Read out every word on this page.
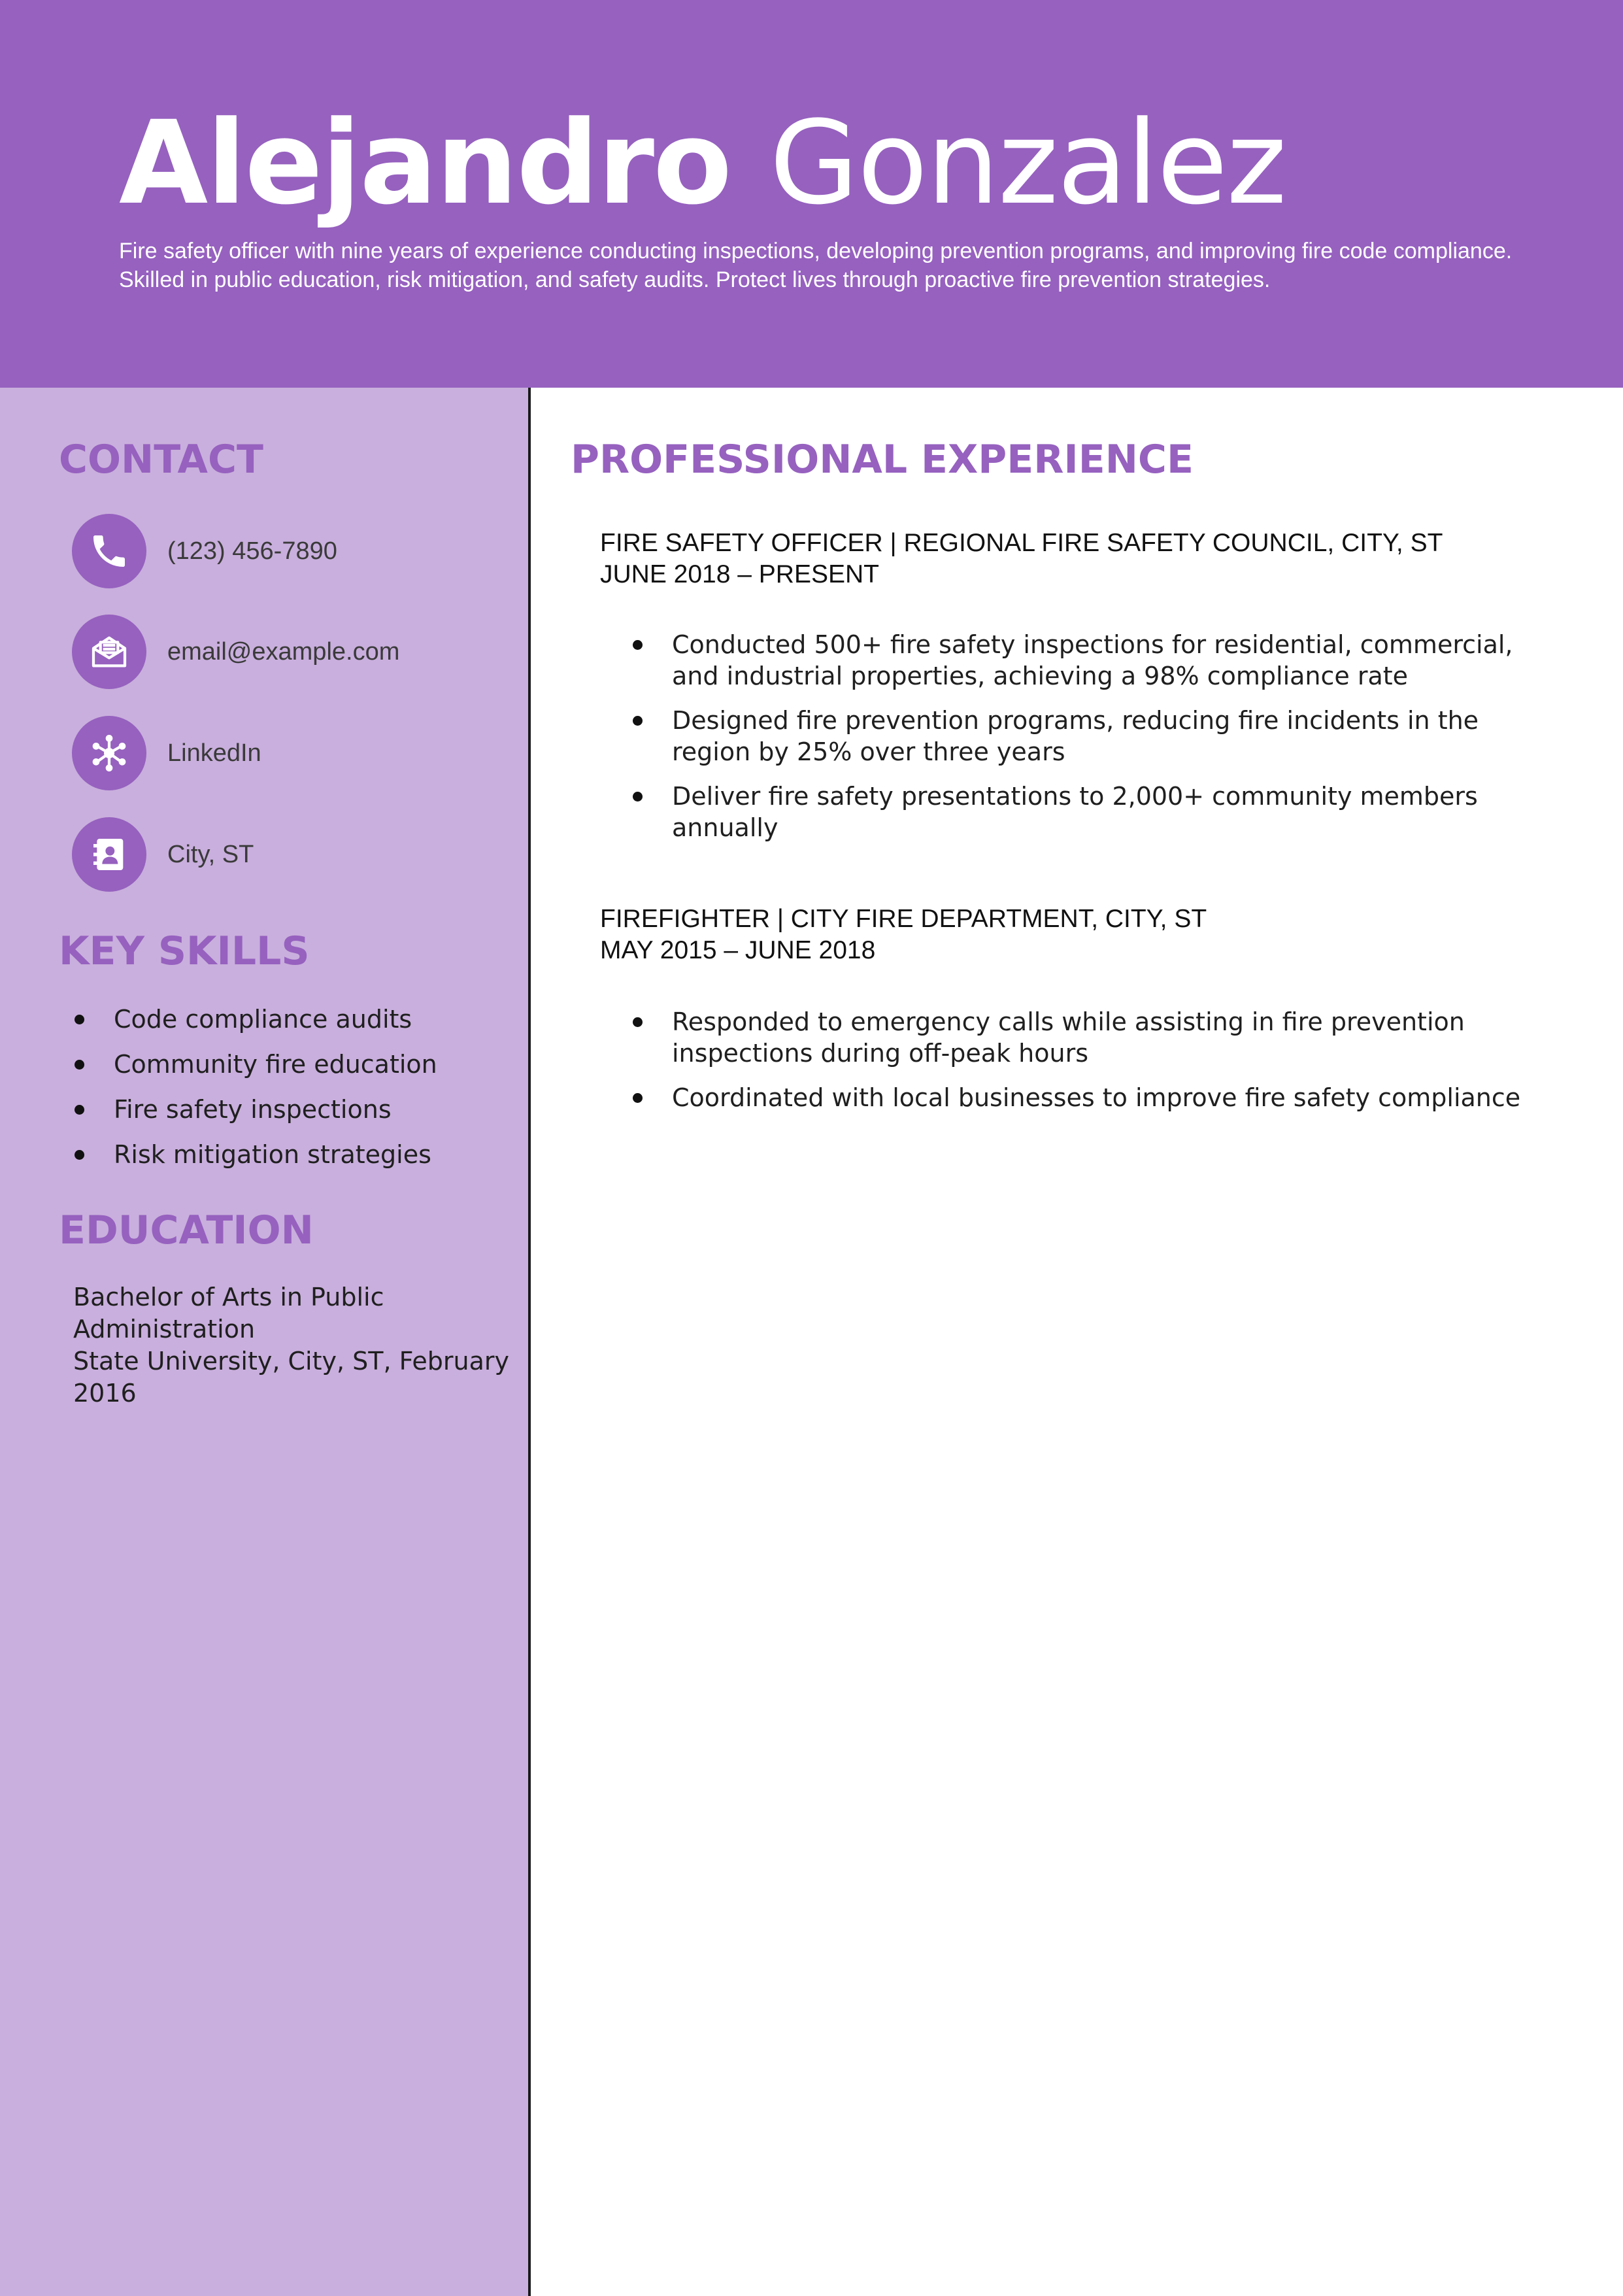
Alejandro Gonzalez

Fire safety officer with nine years of experience conducting inspections, developing prevention programs, and improving fire code compliance. Skilled in public education, risk mitigation, and safety audits. Protect lives through proactive fire prevention strategies.

CONTACT
(123) 456-7890
email@example.com
LinkedIn
City, ST
KEY SKILLS
Code compliance audits
Community fire education
Fire safety inspections
Risk mitigation strategies
EDUCATION
Bachelor of Arts in Public
Administration
State University, City, ST, February
2016
PROFESSIONAL EXPERIENCE
FIRE SAFETY OFFICER | REGIONAL FIRE SAFETY COUNCIL, CITY, ST
JUNE 2018 – PRESENT
Conducted 500+ fire safety inspections for residential, commercial, and industrial properties, achieving a 98% compliance rate
Designed fire prevention programs, reducing fire incidents in the region by 25% over three years
Deliver fire safety presentations to 2,000+ community members annually
FIREFIGHTER | CITY FIRE DEPARTMENT, CITY, ST
MAY 2015 – JUNE 2018
Responded to emergency calls while assisting in fire prevention inspections during off-peak hours
Coordinated with local businesses to improve fire safety compliance
